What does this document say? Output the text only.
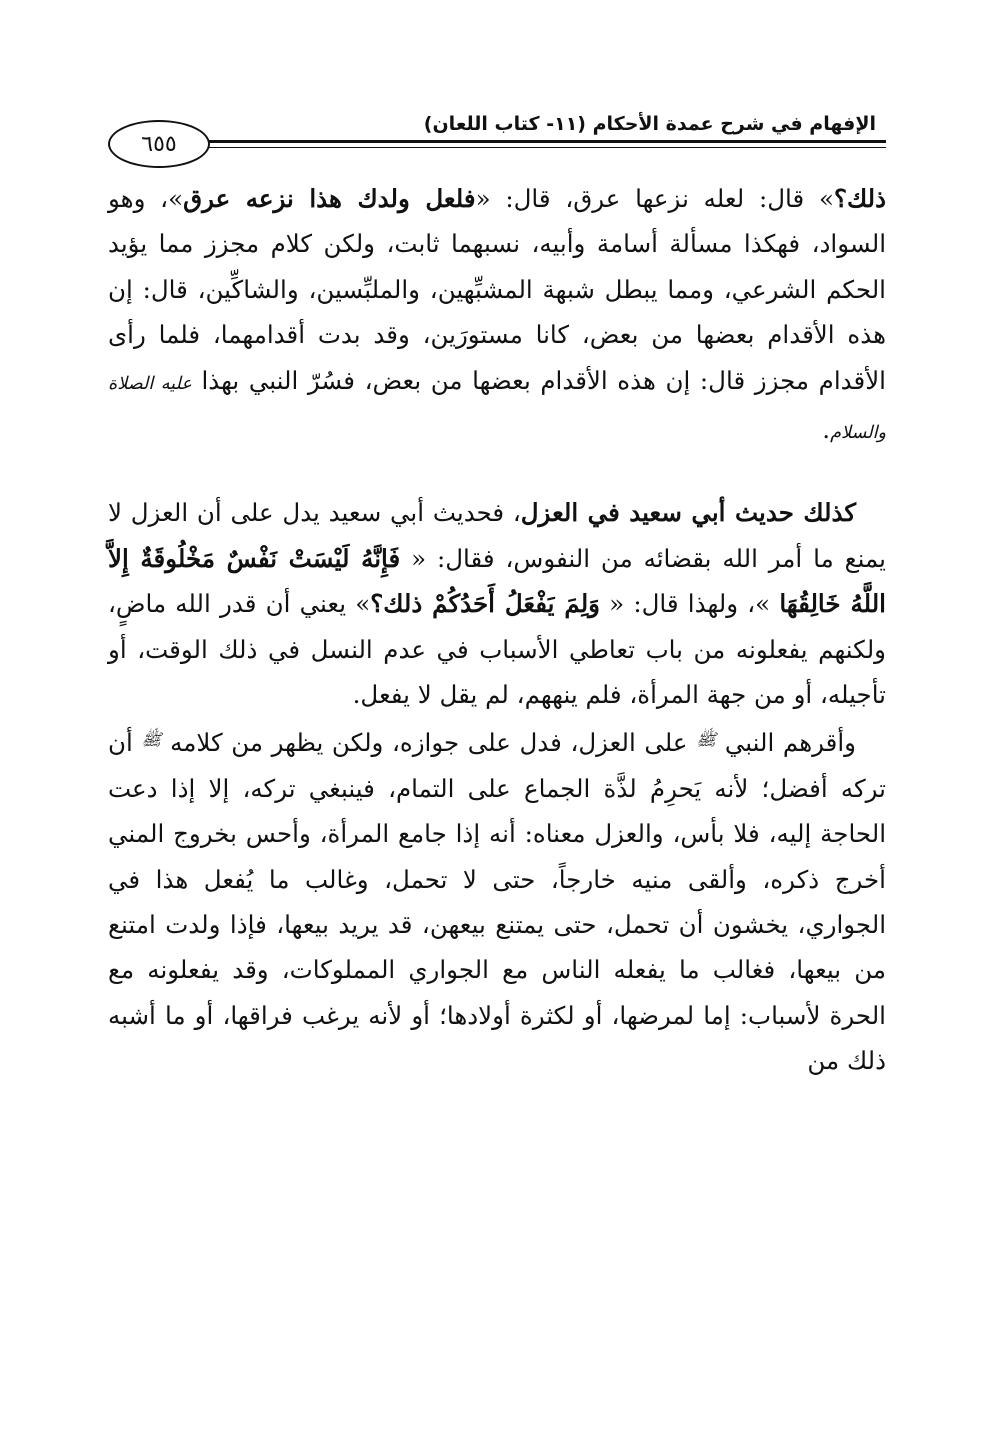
الإفهام في شرح عمدة الأحكام (١١- كتاب اللعان)
٦٥٥

ذلك؟» قال: لعله نزعها عرق، قال: «فلعل ولدك هذا نزعه عرق»، وهو السواد، فهكذا مسألة أسامة وأبيه، نسبهما ثابت، ولكن كلام مجزز مما يؤيد الحكم الشرعي، ومما يبطل شبهة المشبِّهين، والملبِّسين، والشاكِّين، قال: إن هذه الأقدام بعضها من بعض، كانا مستورَين، وقد بدت أقدامهما، فلما رأى الأقدام مجزز قال: إن هذه الأقدام بعضها من بعض، فسُرّ النبي بهذا عليه الصلاة والسلام.

كذلك حديث أبي سعيد في العزل، فحديث أبي سعيد يدل على أن العزل لا يمنع ما أمر الله بقضائه من النفوس، فقال: « فَإِنَّهُ لَيْسَتْ نَفْسٌ مَخْلُوقَةٌ إِلاَّ اللَّهُ خَالِقُهَا »، ولهذا قال: « وَلِمَ يَفْعَلُ أَحَدُكُمْ ذلك؟» يعني أن قدر الله ماضٍ، ولكنهم يفعلونه من باب تعاطي الأسباب في عدم النسل في ذلك الوقت، أو تأجيله، أو من جهة المرأة، فلم ينههم، لم يقل لا يفعل.

وأقرهم النبي $^ﷺ$ على العزل، فدل على جوازه، ولكن يظهر من كلامه $^ﷺ$ أن تركه أفضل؛ لأنه يَحرِمُ لذَّة الجماع على التمام، فينبغي تركه، إلا إذا دعت الحاجة إليه، فلا بأس، والعزل معناه: أنه إذا جامع المرأة، وأحس بخروج المني أخرج ذكره، وألقى منيه خارجاً، حتى لا تحمل، وغالب ما يُفعل هذا في الجواري، يخشون أن تحمل، حتى يمتنع بيعهن، قد يريد بيعها، فإذا ولدت امتنع من بيعها، فغالب ما يفعله الناس مع الجواري المملوكات، وقد يفعلونه مع الحرة لأسباب: إما لمرضها، أو لكثرة أولادها؛ أو لأنه يرغب فراقها، أو ما أشبه ذلك من
